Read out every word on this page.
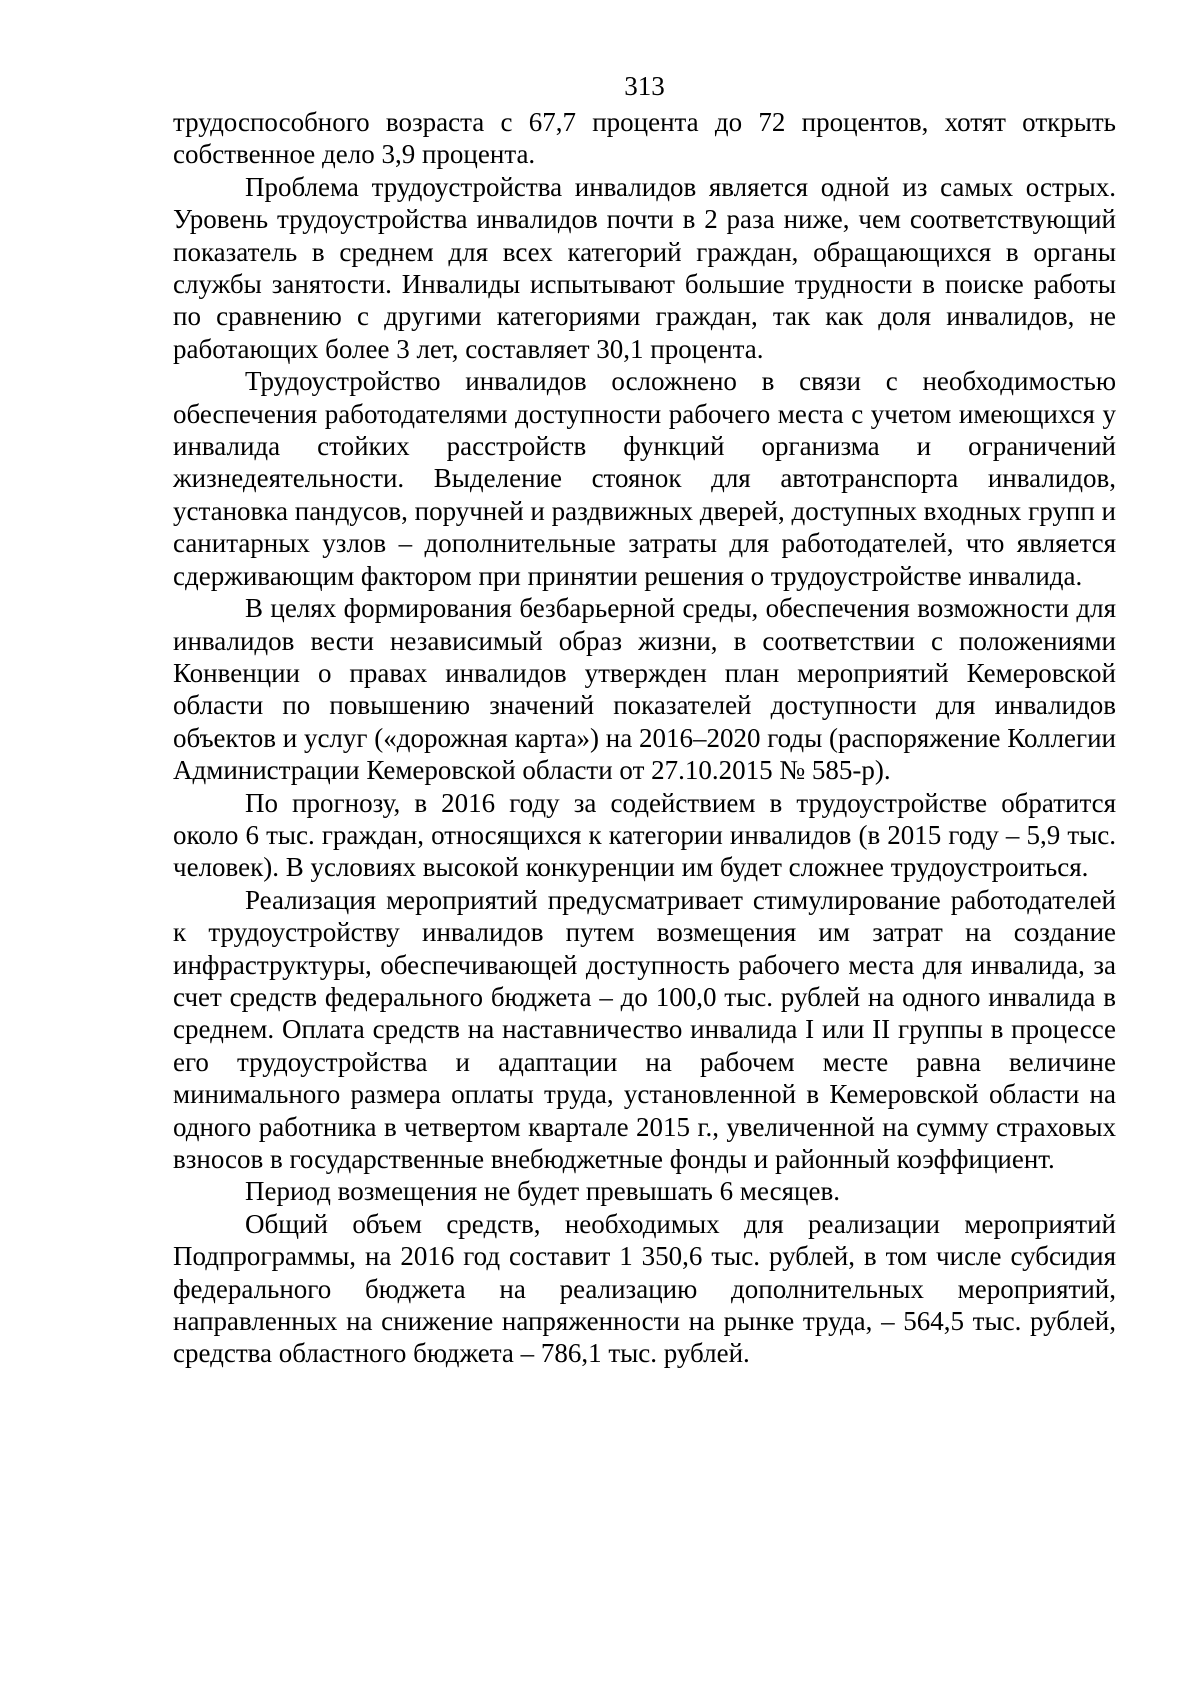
313

трудоспособного возраста с 67,7 процента до 72 процентов, хотят открыть собственное дело 3,9 процента.

Проблема трудоустройства инвалидов является одной из самых острых. Уровень трудоустройства инвалидов почти в 2 раза ниже, чем соответствующий показатель в среднем для всех категорий граждан, обращающихся в органы службы занятости. Инвалиды испытывают большие трудности в поиске работы по сравнению с другими категориями граждан, так как доля инвалидов, не работающих более 3 лет, составляет 30,1 процента.

Трудоустройство инвалидов осложнено в связи с необходимостью обеспечения работодателями доступности рабочего места с учетом имеющихся у инвалида стойких расстройств функций организма и ограничений жизнедеятельности. Выделение стоянок для автотранспорта инвалидов, установка пандусов, поручней и раздвижных дверей, доступных входных групп и санитарных узлов – дополнительные затраты для работодателей, что является сдерживающим фактором при принятии решения о трудоустройстве инвалида.

В целях формирования безбарьерной среды, обеспечения возможности для инвалидов вести независимый образ жизни, в соответствии с положениями Конвенции о правах инвалидов утвержден план мероприятий Кемеровской области по повышению значений показателей доступности для инвалидов объектов и услуг («дорожная карта») на 2016–2020 годы (распоряжение Коллегии Администрации Кемеровской области от 27.10.2015 № 585-р).

По прогнозу, в 2016 году за содействием в трудоустройстве обратится около 6 тыс. граждан, относящихся к категории инвалидов (в 2015 году – 5,9 тыс. человек). В условиях высокой конкуренции им будет сложнее трудоустроиться.

Реализация мероприятий предусматривает стимулирование работодателей к трудоустройству инвалидов путем возмещения им затрат на создание инфраструктуры, обеспечивающей доступность рабочего места для инвалида, за счет средств федерального бюджета – до 100,0 тыс. рублей на одного инвалида в среднем. Оплата средств на наставничество инвалида I или II группы в процессе его трудоустройства и адаптации на рабочем месте равна величине минимального размера оплаты труда, установленной в Кемеровской области на одного работника в четвертом квартале 2015 г., увеличенной на сумму страховых взносов в государственные внебюджетные фонды и районный коэффициент.

Период возмещения не будет превышать 6 месяцев.

Общий объем средств, необходимых для реализации мероприятий Подпрограммы, на 2016 год составит 1 350,6 тыс. рублей, в том числе субсидия федерального бюджета на реализацию дополнительных мероприятий, направленных на снижение напряженности на рынке труда, – 564,5 тыс. рублей, средства областного бюджета – 786,1 тыс. рублей.
